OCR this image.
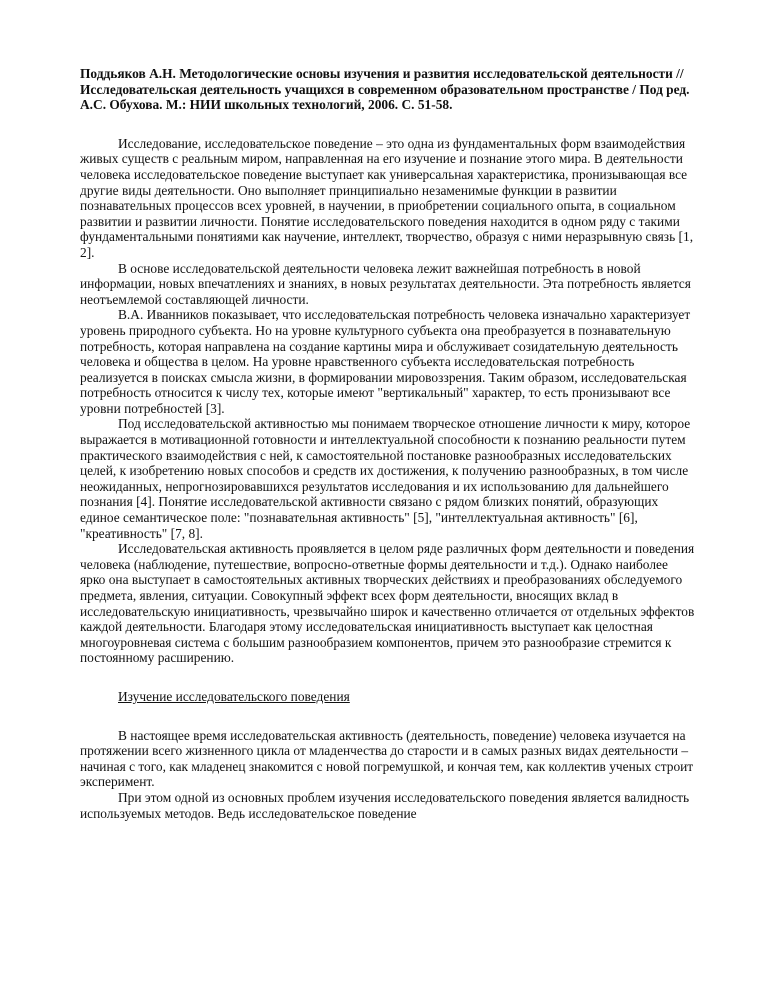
Поддьяков А.Н. Методологические основы изучения и развития исследовательской деятельности // Исследовательская деятельность учащихся в современном образовательном пространстве / Под ред. А.С. Обухова. М.: НИИ школьных технологий, 2006. С. 51-58.

Исследование, исследовательское поведение – это одна из фундаментальных форм взаимодействия живых существ с реальным миром, направленная на его изучение и познание этого мира. В деятельности человека исследовательское поведение выступает как универсальная характеристика, пронизывающая все другие виды деятельности. Оно выполняет принципиально незаменимые функции в развитии познавательных процессов всех уровней, в научении, в приобретении социального опыта, в социальном развитии и развитии личности. Понятие исследовательского поведения находится в одном ряду с такими фундаментальными понятиями как научение, интеллект, творчество, образуя с ними неразрывную связь [1, 2].

В основе исследовательской деятельности человека лежит важнейшая потребность в новой информации, новых впечатлениях и знаниях, в новых результатах деятельности. Эта потребность является неотъемлемой составляющей личности.

В.А. Иванников показывает, что исследовательская потребность человека изначально характеризует уровень природного субъекта. Но на уровне культурного субъекта она преобразуется в познавательную потребность, которая направлена на создание картины мира и обслуживает созидательную деятельность человека и общества в целом. На уровне нравственного субъекта исследовательская потребность реализуется в поисках смысла жизни, в формировании мировоззрения. Таким образом, исследовательская потребность относится к числу тех, которые имеют "вертикальный" характер, то есть пронизывают все уровни потребностей [3].

Под исследовательской активностью мы понимаем творческое отношение личности к миру, которое выражается в мотивационной готовности и интеллектуальной способности к познанию реальности путем практического взаимодействия с ней, к самостоятельной постановке разнообразных исследовательских целей, к изобретению новых способов и средств их достижения, к получению разнообразных, в том числе неожиданных, непрогнозировавшихся результатов исследования и их использованию для дальнейшего познания [4]. Понятие исследовательской активности связано с рядом близких понятий, образующих единое семантическое поле: "познавательная активность" [5], "интеллектуальная активность" [6], "креативность" [7, 8].

Исследовательская активность проявляется в целом ряде различных форм деятельности и поведения человека (наблюдение, путешествие, вопросно-ответные формы деятельности и т.д.). Однако наиболее ярко она выступает в самостоятельных активных творческих действиях и преобразованиях обследуемого предмета, явления, ситуации. Совокупный эффект всех форм деятельности, вносящих вклад в исследовательскую инициативность, чрезвычайно широк и качественно отличается от отдельных эффектов каждой деятельности. Благодаря этому исследовательская инициативность выступает как целостная многоуровневая система с большим разнообразием компонентов, причем это разнообразие стремится к постоянному расширению.

Изучение исследовательского поведения

В настоящее время исследовательская активность (деятельность, поведение) человека изучается на протяжении всего жизненного цикла от младенчества до старости и в самых разных видах деятельности – начиная с того, как младенец знакомится с новой погремушкой, и кончая тем, как коллектив ученых строит эксперимент.

При этом одной из основных проблем изучения исследовательского поведения является валидность используемых методов. Ведь исследовательское поведение
